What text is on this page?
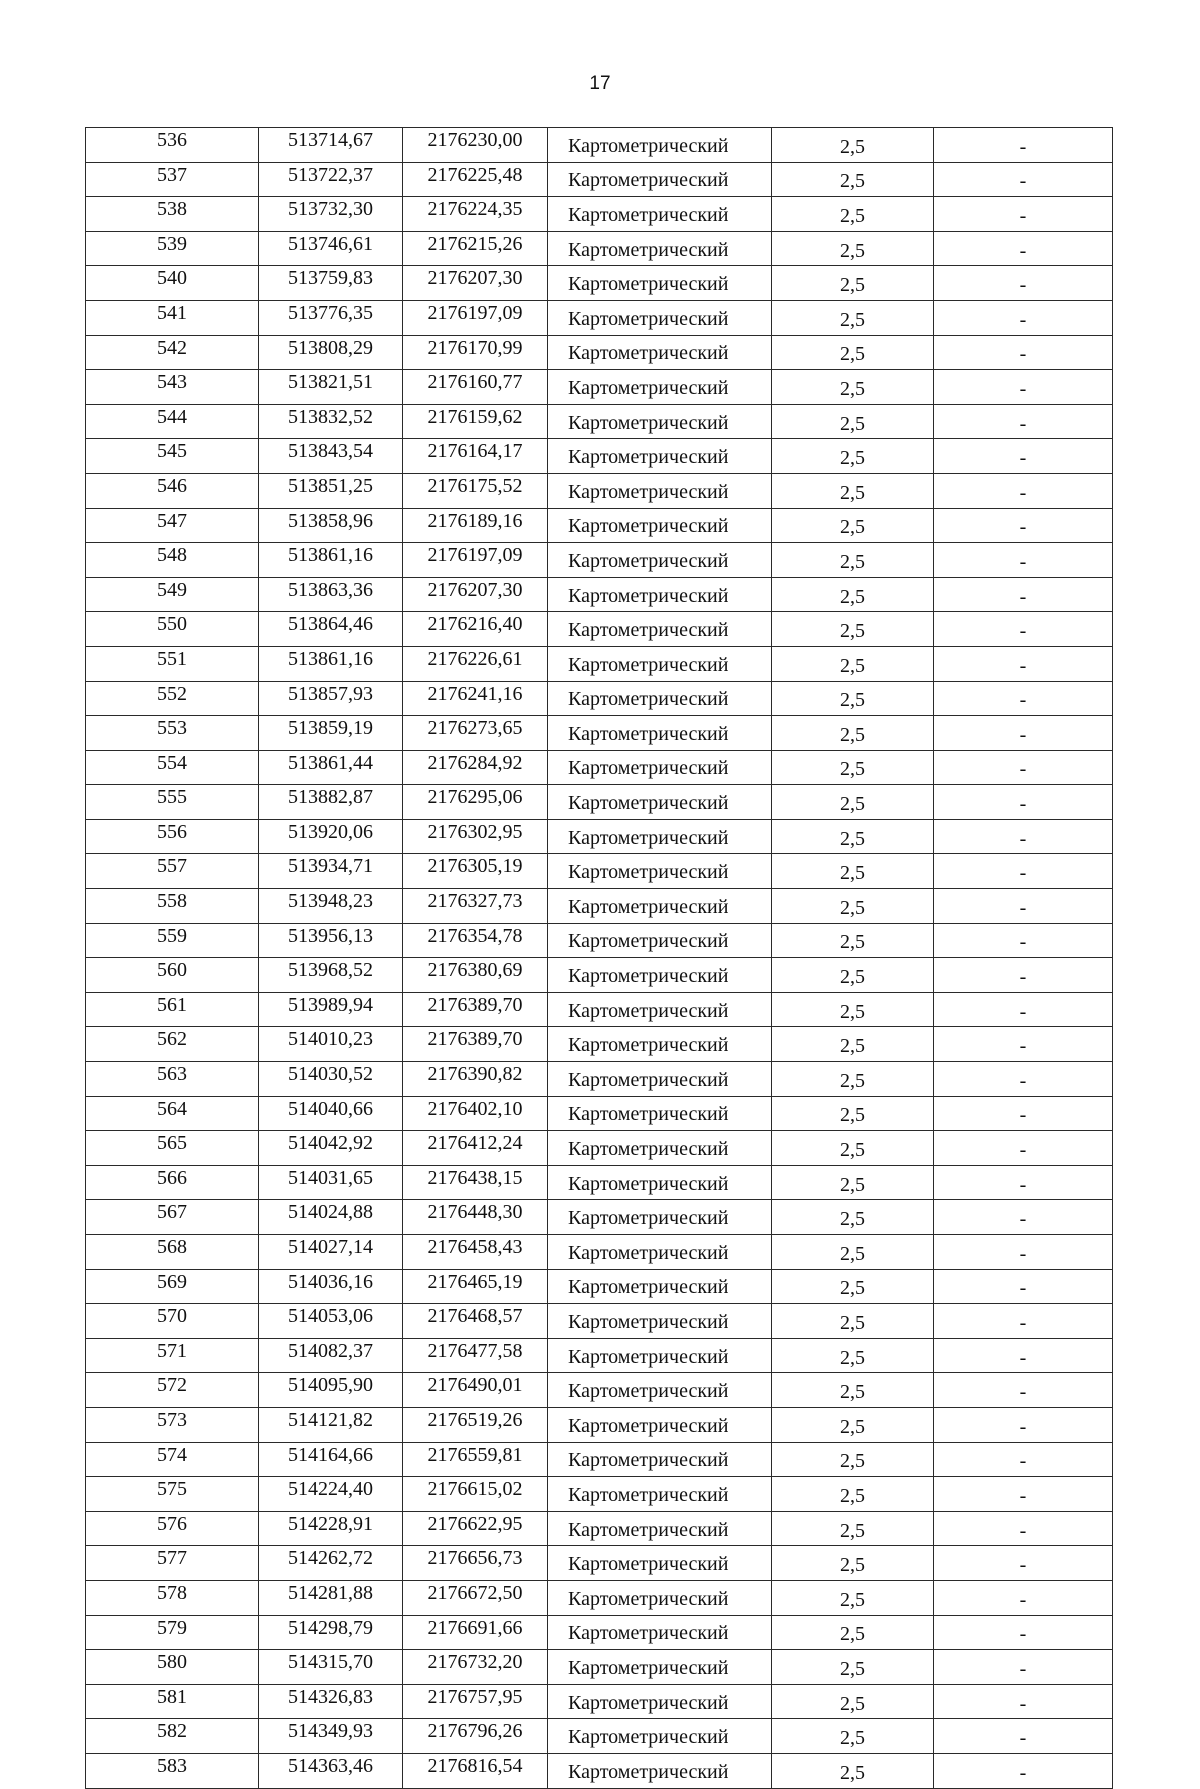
17
536	513714,67	2176230,00	Картометрический	2,5	-
537	513722,37	2176225,48	Картометрический	2,5	-
538	513732,30	2176224,35	Картометрический	2,5	-
539	513746,61	2176215,26	Картометрический	2,5	-
540	513759,83	2176207,30	Картометрический	2,5	-
541	513776,35	2176197,09	Картометрический	2,5	-
542	513808,29	2176170,99	Картометрический	2,5	-
543	513821,51	2176160,77	Картометрический	2,5	-
544	513832,52	2176159,62	Картометрический	2,5	-
545	513843,54	2176164,17	Картометрический	2,5	-
546	513851,25	2176175,52	Картометрический	2,5	-
547	513858,96	2176189,16	Картометрический	2,5	-
548	513861,16	2176197,09	Картометрический	2,5	-
549	513863,36	2176207,30	Картометрический	2,5	-
550	513864,46	2176216,40	Картометрический	2,5	-
551	513861,16	2176226,61	Картометрический	2,5	-
552	513857,93	2176241,16	Картометрический	2,5	-
553	513859,19	2176273,65	Картометрический	2,5	-
554	513861,44	2176284,92	Картометрический	2,5	-
555	513882,87	2176295,06	Картометрический	2,5	-
556	513920,06	2176302,95	Картометрический	2,5	-
557	513934,71	2176305,19	Картометрический	2,5	-
558	513948,23	2176327,73	Картометрический	2,5	-
559	513956,13	2176354,78	Картометрический	2,5	-
560	513968,52	2176380,69	Картометрический	2,5	-
561	513989,94	2176389,70	Картометрический	2,5	-
562	514010,23	2176389,70	Картометрический	2,5	-
563	514030,52	2176390,82	Картометрический	2,5	-
564	514040,66	2176402,10	Картометрический	2,5	-
565	514042,92	2176412,24	Картометрический	2,5	-
566	514031,65	2176438,15	Картометрический	2,5	-
567	514024,88	2176448,30	Картометрический	2,5	-
568	514027,14	2176458,43	Картометрический	2,5	-
569	514036,16	2176465,19	Картометрический	2,5	-
570	514053,06	2176468,57	Картометрический	2,5	-
571	514082,37	2176477,58	Картометрический	2,5	-
572	514095,90	2176490,01	Картометрический	2,5	-
573	514121,82	2176519,26	Картометрический	2,5	-
574	514164,66	2176559,81	Картометрический	2,5	-
575	514224,40	2176615,02	Картометрический	2,5	-
576	514228,91	2176622,95	Картометрический	2,5	-
577	514262,72	2176656,73	Картометрический	2,5	-
578	514281,88	2176672,50	Картометрический	2,5	-
579	514298,79	2176691,66	Картометрический	2,5	-
580	514315,70	2176732,20	Картометрический	2,5	-
581	514326,83	2176757,95	Картометрический	2,5	-
582	514349,93	2176796,26	Картометрический	2,5	-
583	514363,46	2176816,54	Картометрический	2,5	-
